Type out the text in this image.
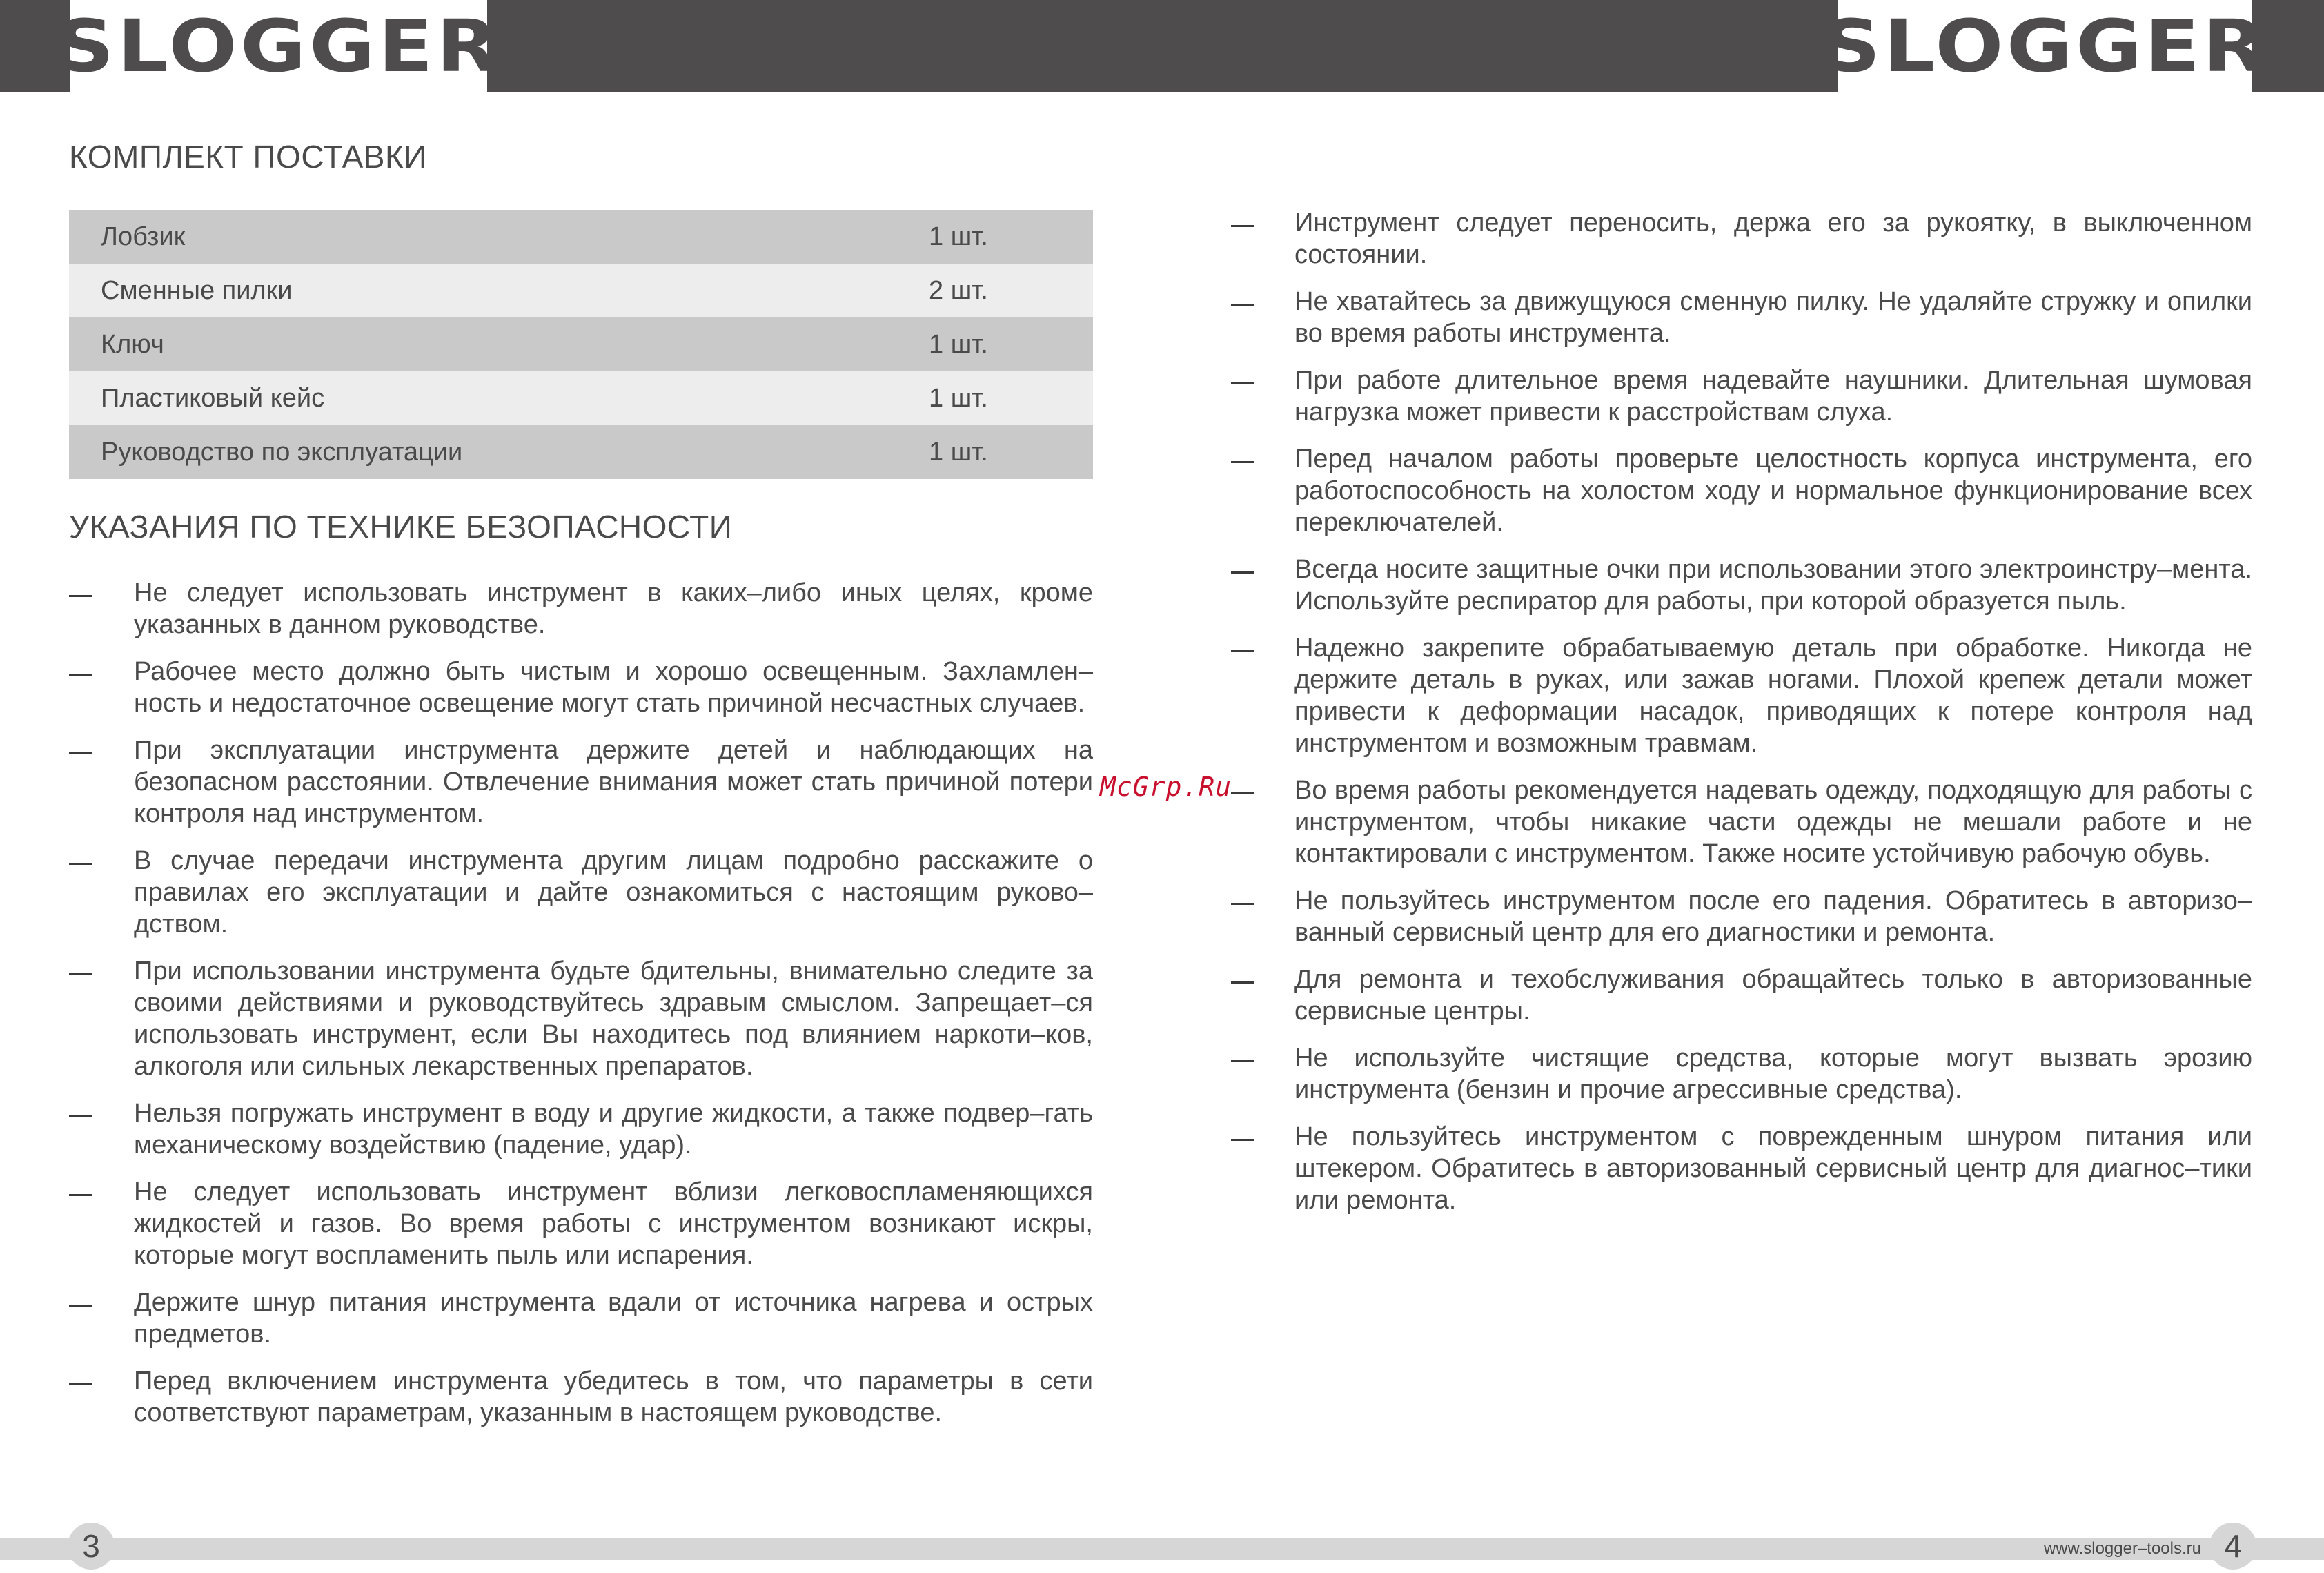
SLOGGER	SLOGGER
КОМПЛЕКТ ПОСТАВКИ
Лобзик	1 шт.
Сменные пилки	2 шт.
Ключ	1 шт.
Пластиковый кейс	1 шт.
Руководство по эксплуатации	1 шт.
УКАЗАНИЯ ПО ТЕХНИКЕ БЕЗОПАСНОСТИ
Не следует использовать инструмент в каких–либо иных целях, кроме указанных в данном руководстве.
Рабочее место должно быть чистым и хорошо освещенным. Захламлен–ность и недостаточное освещение могут стать причиной несчастных случаев.
При эксплуатации инструмента держите детей и наблюдающих на безопасном расстоянии. Отвлечение внимания может стать причиной потери контроля над инструментом.
В случае передачи инструмента другим лицам подробно расскажите о правилах его эксплуатации и дайте ознакомиться с настоящим руково–дством.
При использовании инструмента будьте бдительны, внимательно следите за своими действиями и руководствуйтесь здравым смыслом. Запрещает–ся использовать инструмент, если Вы находитесь под влиянием наркоти–ков, алкоголя или сильных лекарственных препаратов.
Нельзя погружать инструмент в воду и другие жидкости, а также подвер–гать механическому воздействию (падение, удар).
Не следует использовать инструмент вблизи легковоспламеняющихся жидкостей и газов. Во время работы с инструментом возникают искры, которые могут воспламенить пыль или испарения.
Держите шнур питания инструмента вдали от источника нагрева и острых предметов.
Перед включением инструмента убедитесь в том, что параметры в сети соответствуют параметрам, указанным в настоящем руководстве.
McGrp.Ru
Инструмент следует переносить, держа его за рукоятку, в выключенном состоянии.
Не хватайтесь за движущуюся сменную пилку. Не удаляйте стружку и опилки во время работы инструмента.
При работе длительное время надевайте наушники. Длительная шумовая нагрузка может привести к расстройствам слуха.
Перед началом работы проверьте целостность корпуса инструмента, его работоспособность на холостом ходу и нормальное функционирование всех переключателей.
Всегда носите защитные очки при использовании этого электроинстру–мента. Используйте респиратор для работы, при которой образуется пыль.
Надежно закрепите обрабатываемую деталь при обработке. Никогда не держите деталь в руках, или зажав ногами. Плохой крепеж детали может привести к деформации насадок, приводящих к потере контроля над инструментом и возможным травмам.
Во время работы рекомендуется надевать одежду, подходящую для работы с инструментом, чтобы никакие части одежды не мешали работе и не контактировали с инструментом. Также носите устойчивую рабочую обувь.
Не пользуйтесь инструментом после его падения. Обратитесь в авторизо–ванный сервисный центр для его диагностики и ремонта.
Для ремонта и техобслуживания обращайтесь только в авторизованные сервисные центры.
Не используйте чистящие средства, которые могут вызвать эрозию инструмента (бензин и прочие агрессивные средства).
Не пользуйтесь инструментом с поврежденным шнуром питания или штекером. Обратитесь в авторизованный сервисный центр для диагнос–тики или ремонта.
3	www.slogger–tools.ru 4
